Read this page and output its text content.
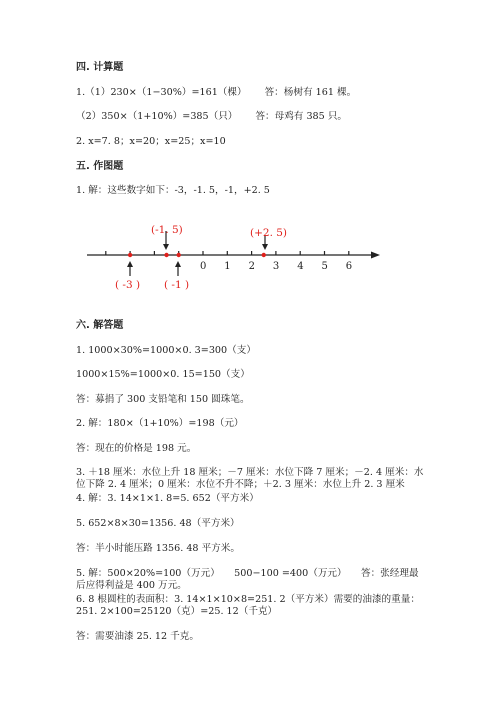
四. 计算题
1.（1）230×（1−30%）=161（棵） 答：杨树有 161 棵。
（2）350×（1+10%）=385（只） 答：母鸡有 385 只。
2. x=7. 8；x=20；x=25；x=10
五. 作图题
1. 解：这些数字如下：-3，-1. 5，-1，+2. 5
0 1 2 3 4 5 6
(-1. 5)	(+2. 5)
( -3 ) ( -1 )
六. 解答题
1. 1000×30%=1000×0. 3=300（支）
1000×15%=1000×0. 15=150（支）
答：募捐了 300 支铅笔和 150 圆珠笔。
2. 解：180×（1+10%）=198（元）
答：现在的价格是 198 元。
3. ＋18 厘米：水位上升 18 厘米；－7 厘米：水位下降 7 厘米；－2. 4 厘米：水位下降 2. 4 厘米；0 厘米：水位不升不降；＋2. 3 厘米：水位上升 2. 3 厘米
4. 解：3. 14×1×1. 8=5. 652（平方米）
5. 652×8×30=1356. 48（平方米）
答：半小时能压路 1356. 48 平方米。
5. 解：500×20%=100（万元）　　500−100 =400（万元）　　答：张经理最后应得利益是 400 万元。
6. 8 根圆柱的表面积：3. 14×1×10×8=251. 2（平方米）需要的油漆的重量：251. 2×100=25120（克）=25. 12（千克）
答：需要油漆 25. 12 千克。
